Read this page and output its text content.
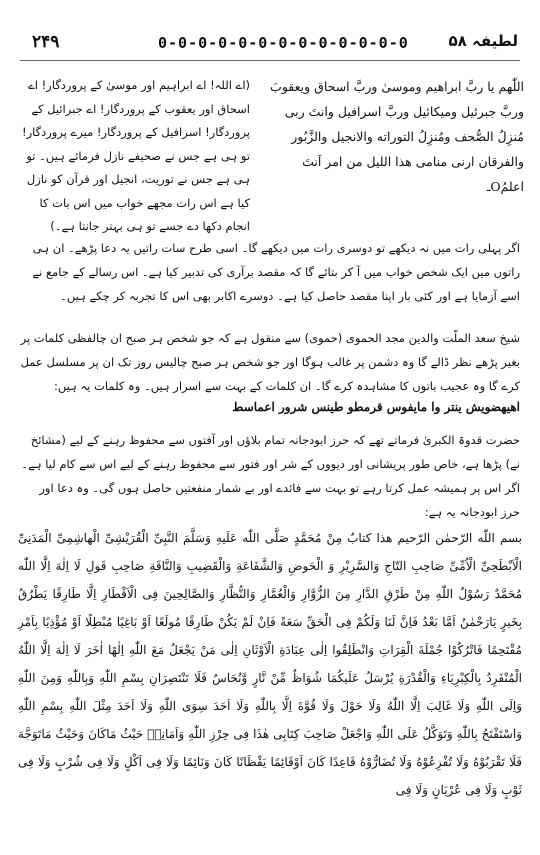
۲۴۹	0-0-0-0-0-0-0-0-0-0-0-0-0	لطیفہ ۵۸
اللّٰهم یا ربَّ ابراهیم وموسیٰ وربَّ اسحاق ویعقوبَ وربَّ جبرئیل ومیکائیل وربَّ اسرافیل وانتَ ربی مُنزِلُ الصُّحف ومُنزِلُ التوراته والانجیل والزَّبُور والفرقان ارنی منامی هذا اللیل من امر اَنتَ اعلمُOـ
(اے اللہ! اے ابراہیم اور موسیٰ کے پروردگار! اے اسحاق اور یعقوب کے پروردگار! اے جبرائیل کے پروردگار! اسرافیل کے پروردگار! میرے پروردگار! تو ہی ہے جس نے صحیفے نازل فرمائے ہیں۔ تو ہی ہے جس نے توریت، انجیل اور قرآن کو نازل کیا ہے اس رات مجھے خواب میں اس بات کا انجام دکھا دے جسے تو ہی بہتر جانتا ہے۔)
اگر پہلی رات میں نہ دیکھے تو دوسری رات میں دیکھے گا۔ اسی طرح سات راتیں یہ دعا پڑھے۔ ان ہی راتوں میں ایک شخص خواب میں آ کر بتائے گا کہ مقصد برآری کی تدبیر کیا ہے۔ اس رسالے کے جامع نے اسے آزمایا ہے اور کئی بار اپنا مقصد حاصل کیا ہے۔ دوسرے اکابر بھی اس کا تجربہ کر چکے ہیں۔
شیخ سعد الملّت والدین مجد الحموی (حموی) سے منقول ہے کہ جو شخص ہر صبح ان چالفظی کلمات پر بغیر پڑھے نظر ڈالے گا وہ دشمن پر غالب ہوگا اور جو شخص ہر صبح چالیس روز تک ان پر مسلسل عمل کرے گا وہ عجیب باتوں کا مشاہدہ کرے گا۔ ان کلمات کے بہت سے اسرار ہیں۔ وہ کلمات یہ ہیں:
اهیهضویش ینتر وا مایفوس قرمطو طینس شرور اعماسط
حضرت قدوۃ الکبریٰ فرماتے تھے کہ حرز ابودجانہ تمام بلاؤں اور آفتوں سے محفوظ رہنے کے لیے (مشائخ نے) پڑھا ہے، خاص طور پریشانی اور دیووں کے شر اور فتور سے محفوظ رہنے کے لیے اس سے کام لیا ہے۔ اگر اس پر ہمیشہ عمل کرتا رہے تو بہت سے فائدے اور بے شمار منفعتیں حاصل ہوں گی۔ وہ دعا اور حرز ابودجانہ یہ ہے:
بسم اللّٰه الرّحمٰن الرّحیم هذا کتابٌ مِنْ مُحَمَّدٍ صَلَّی اللّٰه عَلَیهِ وَسَلَّمَ النَّبِیِّ الْقُرَیْشِیِّ الْهاشِمِیِّ الْمَدَنِیِّ الْاَبْطَحِیِّ الْاُمِّیِّ صَاحِبِ التّاجِ وَالسَّرِیْرِ وَ الْحَوضِ وَالشَّفَاعَةِ وَالْقَضِیبِ وَالنَّاقَةِ صَاحِبِ قَولِ لَا اِلٰهَ اِلَّا اللّٰه مُحَمَّدٌ رَسُوْلُ اللّٰهِ مِنْ طَرْقِ الدَّارِ مِنَ الزُّوَّارِ وَالْعُمَّارِ وَالنُّظَّارِ وَالصَّالِحِینَ فِی الْاَقْطَارِ اِلَّا طَارِقًا یَطْرُقُ بِخَیرٍ یَارَحْمٰنُ اَمَّا بَعْدُ فَاِنَّ لَنَا وَلَکُمْ فِی الْحَقِّ سَعَةً فَاِنْ لَمْ یَکُنْ طَارِقًا مُولَعًا اَوْ بَاغِیًا مُبْطِلًا اَوْ مُؤْذِیًا بِاَمْرِ مُقْتَحِمًا فَاتْرُکُوْا جُمْلَةَ الْقِرَاتِ وَانْطَلِقُوا اِلٰی عِبَادَةِ الْاَوْثَانِ اِلٰی مَنْ یَجْعَلُ مَعَ اللّٰهِ اِلٰهًا اٰخَرَ لَا اِلٰهَ اِلَّا اللّٰهُ الْمُنْفَرِدُ بِالْکِبْرِیَاءِ وَالْقُدْرَةِ یُرْسَلُ عَلَیکُمَا شُوَاظٌ مِّنْ نَّارٍ وَّنُحَاسٌ فَلَا تَنْتَصِرَانِ بِسْمِ اللّٰهِ وَبِاللّٰهِ وَمِنَ اللّٰهِ وَاِلَی اللّٰهِ وَلَا غَالِبَ اِلَّا اللّٰهُ وَلَا حَوْلَ وَلَا قُوَّةَ اِلَّا بِاللّٰهِ وَلَا اَحَدَ سِوَی اللّٰهِ وَلَا اَحَدَ مِثْلَ اللّٰهِ بِسْمِ اللّٰهِ وَاسْتَفْتَحُ بِاللّٰهِ وَتَوَکَّلُ عَلَی اللّٰهِ وَاجْعَلْ صَاحِبَ کِتَابِی هٰذَا فِی حِرْزِ اللّٰهِ وَاَمَانِهٖ حَیْثُ مَاکَانَ وَحَیْثُ مَاتَوَجَّهَ فَلَا تَقْرَبُوْهُ وَلَا تُفْزِعُوْهُ وَلَا تُضَارُّوْهُ قَاعِدًا کَانَ اَوْقَائِمًا یَقْظَانًا کَانَ وَنَائِمًا وَلَا فِی اَکْلٍ وَلَا فِی شُرْبٍ وَلَا فِی ثَوْبٍ وَلَا فِی عُرْیَانٍ وَلَا فِی
